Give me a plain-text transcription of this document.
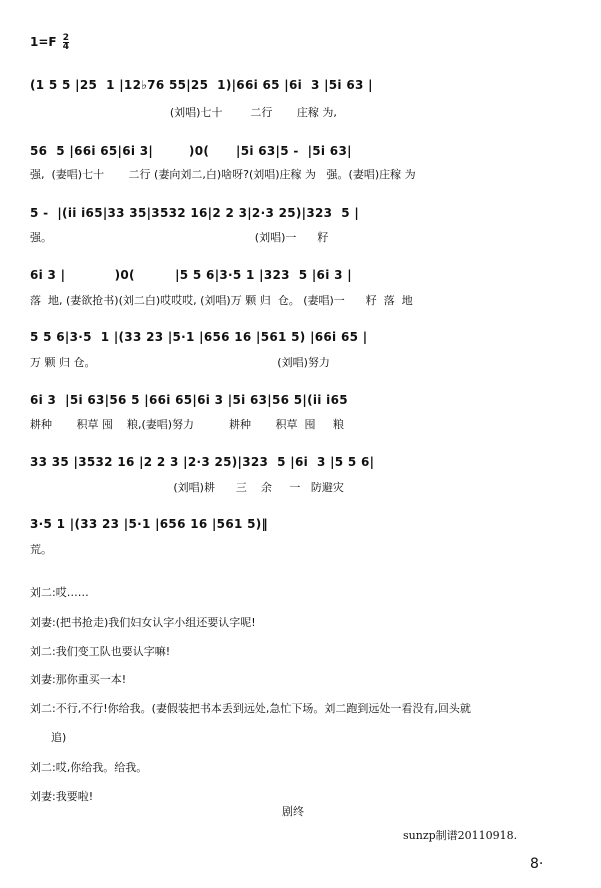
$1=F \frac{2}{4}$
(1 5 5 |25  1 |12♭76 55|25  1)|66i 65 |6i  3 |5i 63 |
(刘唱)七十        二行       庄稼 为,
56  5 |66i 65|6i 3|        )0(      |5i 63|5 -  |5i 63|
强,  (妻唱)七十       二行 (妻向刘二,白)啥呀?(刘唱)庄稼 为   强。(妻唱)庄稼 为
5 -  |(ii i65|33 35|3532 16|2 2 3|2·3 25)|323  5 |
强。                                                          (刘唱)一      籽
6i 3 |           )0(         |5 5 6|3·5 1 |323  5 |6i 3 |
落  地, (妻欲抢书)(刘二白)哎哎哎, (刘唱)万 颗 归  仓。 (妻唱)一      籽  落  地
5 5 6|3·5  1 |(33 23 |5·1 |656 16 |561 5) |66i 65 |
万 颗 归 仓。                                                    (刘唱)努力
6i 3  |5i 63|56 5 |66i 65|6i 3 |5i 63|56 5|(ii i65
耕种       积草 囤    粮,(妻唱)努力          耕种       积草  囤     粮
33 35 |3532 16 |2 2 3 |2·3 25)|323  5 |6i  3 |5 5 6|
(刘唱)耕      三    余     一   防避灾
3·5 1 |(33 23 |5·1 |656 16 |561 5)‖
荒。
刘二:哎……
刘妻:(把书抢走)我们妇女认字小组还要认字呢!
刘二:我们变工队也要认字嘛!
刘妻:那你重买一本!
刘二:不行,不行!你给我。(妻假装把书本丢到远处,急忙下场。刘二跑到远处一看没有,回头就
追)
刘二:哎,你给我。给我。
刘妻:我要啦!
剧终
sunzp制谱20110918.
8·
